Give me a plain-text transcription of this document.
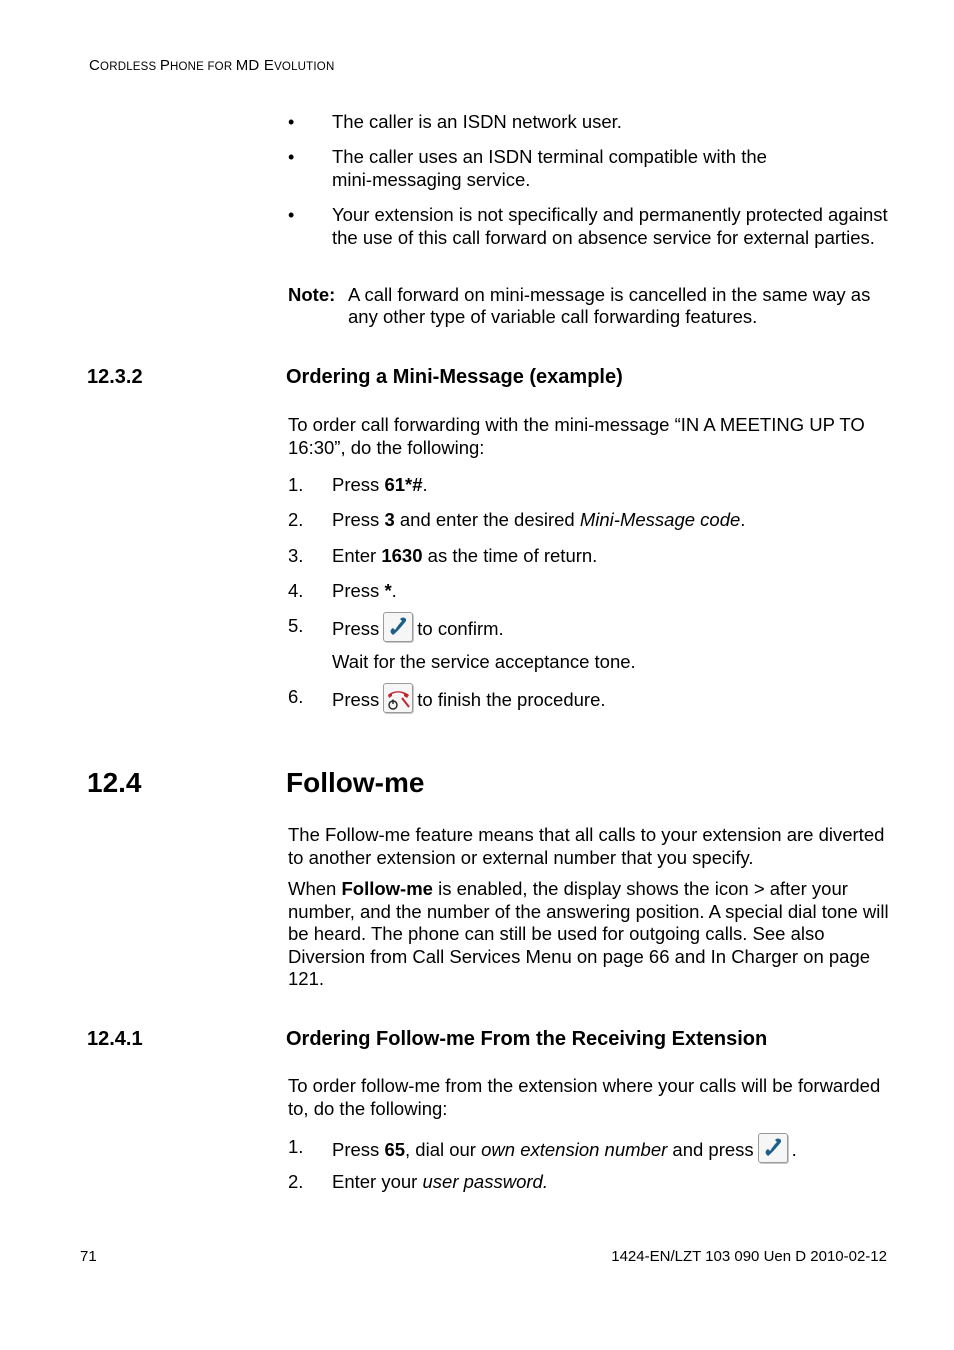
CORDLESS PHONE FOR MD EVOLUTION
• The caller is an ISDN network user.
• The caller uses an ISDN terminal compatible with the mini-messaging service.
• Your extension is not specifically and permanently protected against the use of this call forward on absence service for external parties.
Note: A call forward on mini-message is cancelled in the same way as
any other type of variable call forwarding features.
12.3.2	Ordering a Mini-Message (example)
To order call forwarding with the mini-message “IN A MEETING UP TO 16:30”, do the following:
1. Press 61*#.
2. Press 3 and enter the desired Mini-Message code.
3. Enter 1630 as the time of return.
4. Press *.
5. Press to confirm.
Wait for the service acceptance tone.
6. Press to finish the procedure.
12.4	Follow-me
The Follow-me feature means that all calls to your extension are diverted to another extension or external number that you specify.
When Follow-me is enabled, the display shows the icon > after your number, and the number of the answering position. A special dial tone will be heard. The phone can still be used for outgoing calls. See also Diversion from Call Services Menu on page 66 and In Charger on page 121.
12.4.1	Ordering Follow-me From the Receiving Extension
To order follow-me from the extension where your calls will be forwarded to, do the following:
1. Press 65, dial our own extension number and press .
2. Enter your user password.
71	1424-EN/LZT 103 090 Uen D 2010-02-12
